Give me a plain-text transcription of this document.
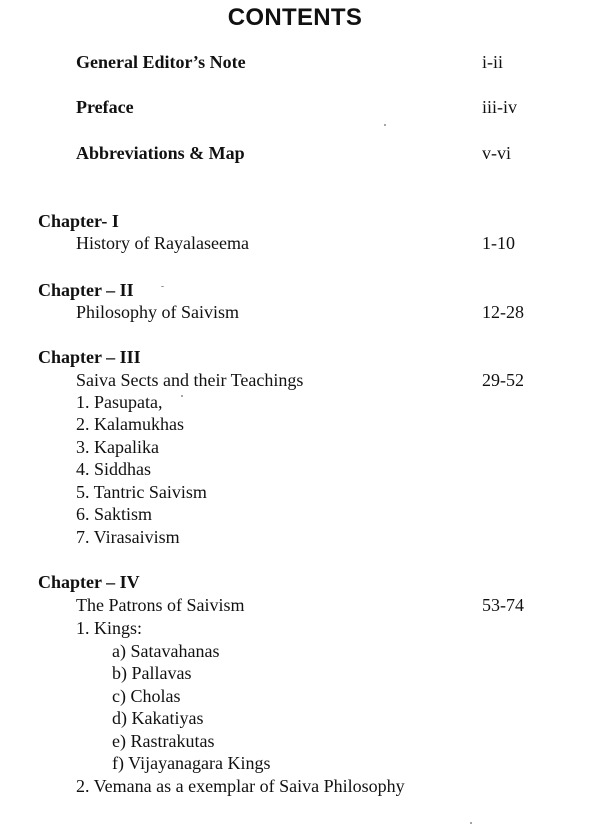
CONTENTS
General Editor’s Note	i-ii
Preface	iii-iv
Abbreviations & Map	v-vi
Chapter- I
History of Rayalaseema	1-10
Chapter – II
Philosophy of Saivism	12-28
Chapter – III
Saiva Sects and their Teachings	29-52
1. Pasupata,
2. Kalamukhas
3. Kapalika
4. Siddhas
5. Tantric Saivism
6. Saktism
7. Virasaivism
Chapter – IV
The Patrons of Saivism	53-74
1. Kings:
a) Satavahanas
b) Pallavas
c) Cholas
d) Kakatiyas
e) Rastrakutas
f) Vijayanagara Kings
2. Vemana as a exemplar of Saiva Philosophy
